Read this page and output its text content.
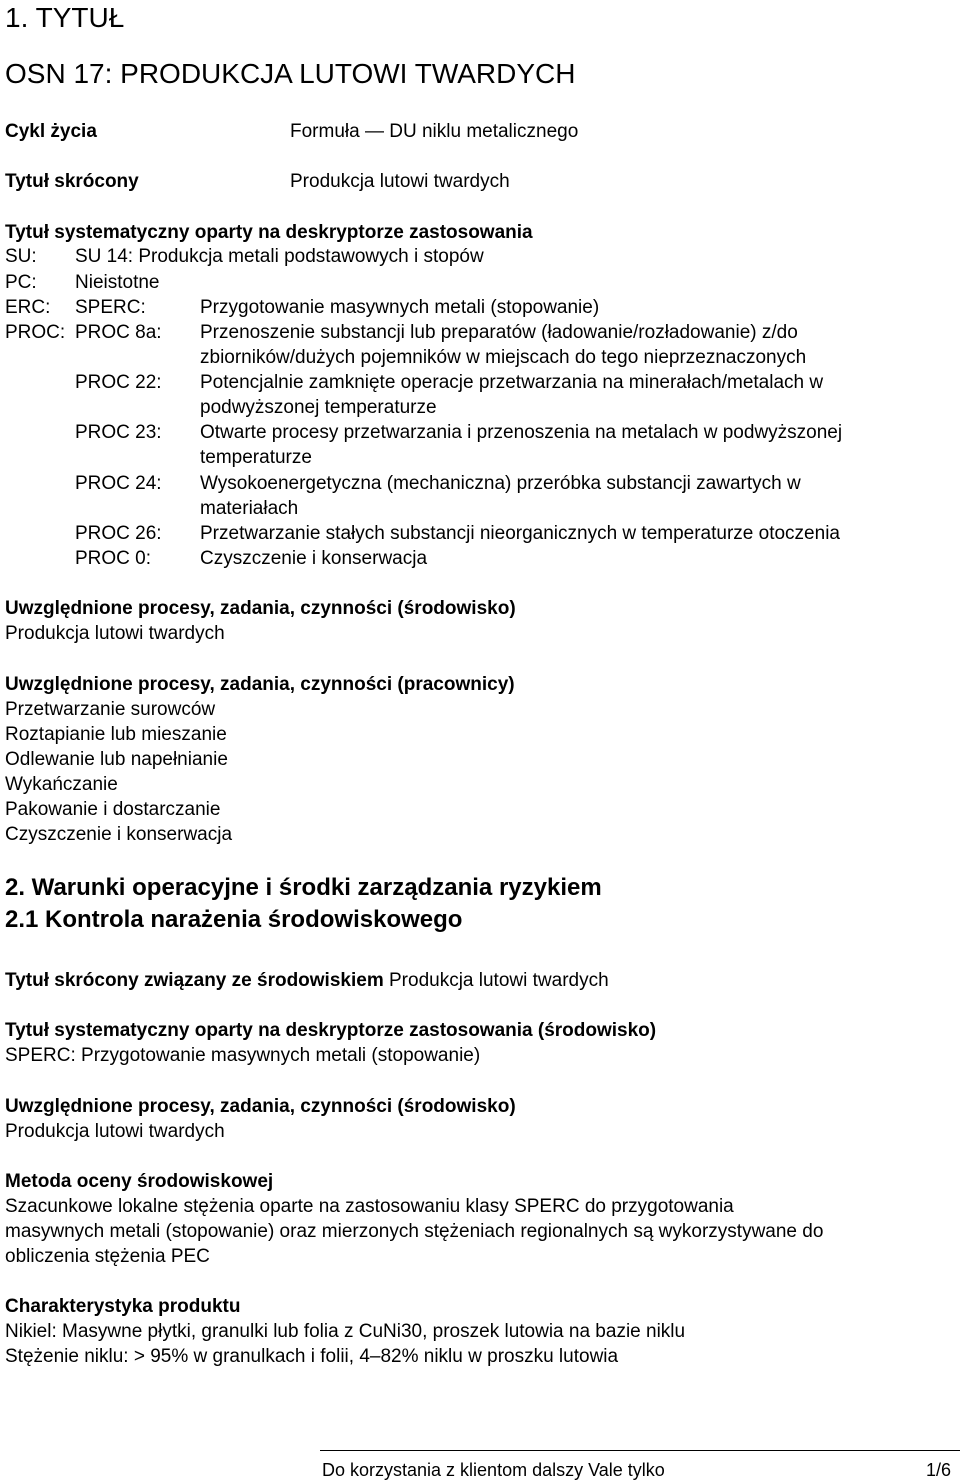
1. TYTUŁ
OSN 17: PRODUKCJA LUTOWI TWARDYCH
Cykl życia	Formuła — DU niklu metalicznego
Tytuł skrócony	Produkcja lutowi twardych
Tytuł systematyczny oparty na deskryptorze zastosowania
SU: SU 14: Produkcja metali podstawowych i stopów
PC: Nieistotne
ERC: SPERC:	Przygotowanie masywnych metali (stopowanie)
PROC: PROC 8a: Przenoszenie substancji lub preparatów (ładowanie/rozładowanie) z/do
zbiorników/dużych pojemników w miejscach do tego nieprzeznaczonych
PROC 22: Potencjalnie zamknięte operacje przetwarzania na minerałach/metalach w
podwyższonej temperaturze
PROC 23: Otwarte procesy przetwarzania i przenoszenia na metalach w podwyższonej
temperaturze
PROC 24: Wysokoenergetyczna (mechaniczna) przeróbka substancji zawartych w
materiałach
PROC 26: Przetwarzanie stałych substancji nieorganicznych w temperaturze otoczenia
PROC 0:	Czyszczenie i konserwacja
Uwzględnione procesy, zadania, czynności (środowisko)
Produkcja lutowi twardych
Uwzględnione procesy, zadania, czynności (pracownicy)
Przetwarzanie surowców
Roztapianie lub mieszanie
Odlewanie lub napełnianie
Wykańczanie
Pakowanie i dostarczanie
Czyszczenie i konserwacja
2. Warunki operacyjne i środki zarządzania ryzykiem
2.1 Kontrola narażenia środowiskowego
Tytuł skrócony związany ze środowiskiem Produkcja lutowi twardych
Tytuł systematyczny oparty na deskryptorze zastosowania (środowisko)
SPERC: Przygotowanie masywnych metali (stopowanie)
Uwzględnione procesy, zadania, czynności (środowisko)
Produkcja lutowi twardych
Metoda oceny środowiskowej
Szacunkowe lokalne stężenia oparte na zastosowaniu klasy SPERC do przygotowania
masywnych metali (stopowanie) oraz mierzonych stężeniach regionalnych są wykorzystywane do
obliczenia stężenia PEC
Charakterystyka produktu
Nikiel: Masywne płytki, granulki lub folia z CuNi30, proszek lutowia na bazie niklu
Stężenie niklu: > 95% w granulkach i folii, 4–82% niklu w proszku lutowia
Do korzystania z klientom dalszy Vale tylko	1/6
